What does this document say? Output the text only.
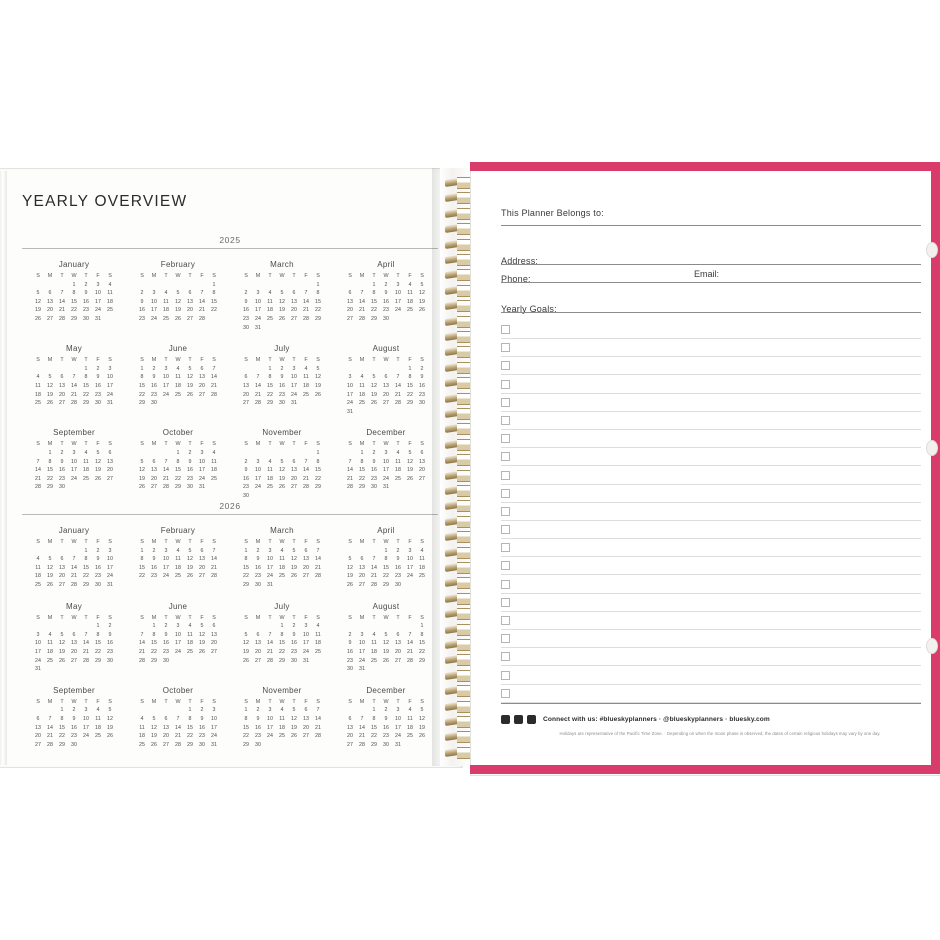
YEARLY OVERVIEW
2025
January
S	M	T	W	T	F	S
			1	2	3	4
5	6	7	8	9	10	11
12	13	14	15	16	17	18
19	20	21	22	23	24	25
26	27	28	29	30	31	
February
S	M	T	W	T	F	S
						1
2	3	4	5	6	7	8
9	10	11	12	13	14	15
16	17	18	19	20	21	22
23	24	25	26	27	28	
March
S	M	T	W	T	F	S
						1
2	3	4	5	6	7	8
9	10	11	12	13	14	15
16	17	18	19	20	21	22
23	24	25	26	27	28	29
30	31					
April
S	M	T	W	T	F	S
		1	2	3	4	5
6	7	8	9	10	11	12
13	14	15	16	17	18	19
20	21	22	23	24	25	26
27	28	29	30			
May
S	M	T	W	T	F	S
				1	2	3
4	5	6	7	8	9	10
11	12	13	14	15	16	17
18	19	20	21	22	23	24
25	26	27	28	29	30	31
June
S	M	T	W	T	F	S
1	2	3	4	5	6	7
8	9	10	11	12	13	14
15	16	17	18	19	20	21
22	23	24	25	26	27	28
29	30					
July
S	M	T	W	T	F	S
		1	2	3	4	5
6	7	8	9	10	11	12
13	14	15	16	17	18	19
20	21	22	23	24	25	26
27	28	29	30	31		
August
S	M	T	W	T	F	S
					1	2
3	4	5	6	7	8	9
10	11	12	13	14	15	16
17	18	19	20	21	22	23
24	25	26	27	28	29	30
31						
September
S	M	T	W	T	F	S
	1	2	3	4	5	6
7	8	9	10	11	12	13
14	15	16	17	18	19	20
21	22	23	24	25	26	27
28	29	30				
October
S	M	T	W	T	F	S
			1	2	3	4
5	6	7	8	9	10	11
12	13	14	15	16	17	18
19	20	21	22	23	24	25
26	27	28	29	30	31	
November
S	M	T	W	T	F	S
						1
2	3	4	5	6	7	8
9	10	11	12	13	14	15
16	17	18	19	20	21	22
23	24	25	26	27	28	29
30						
December
S	M	T	W	T	F	S
	1	2	3	4	5	6
7	8	9	10	11	12	13
14	15	16	17	18	19	20
21	22	23	24	25	26	27
28	29	30	31			
2026
January
S	M	T	W	T	F	S
				1	2	3
4	5	6	7	8	9	10
11	12	13	14	15	16	17
18	19	20	21	22	23	24
25	26	27	28	29	30	31
February
S	M	T	W	T	F	S
1	2	3	4	5	6	7
8	9	10	11	12	13	14
15	16	17	18	19	20	21
22	23	24	25	26	27	28
March
S	M	T	W	T	F	S
1	2	3	4	5	6	7
8	9	10	11	12	13	14
15	16	17	18	19	20	21
22	23	24	25	26	27	28
29	30	31				
April
S	M	T	W	T	F	S
			1	2	3	4
5	6	7	8	9	10	11
12	13	14	15	16	17	18
19	20	21	22	23	24	25
26	27	28	29	30		
May
S	M	T	W	T	F	S
					1	2
3	4	5	6	7	8	9
10	11	12	13	14	15	16
17	18	19	20	21	22	23
24	25	26	27	28	29	30
31						
June
S	M	T	W	T	F	S
	1	2	3	4	5	6
7	8	9	10	11	12	13
14	15	16	17	18	19	20
21	22	23	24	25	26	27
28	29	30				
July
S	M	T	W	T	F	S
			1	2	3	4
5	6	7	8	9	10	11
12	13	14	15	16	17	18
19	20	21	22	23	24	25
26	27	28	29	30	31	
August
S	M	T	W	T	F	S
						1
2	3	4	5	6	7	8
9	10	11	12	13	14	15
16	17	18	19	20	21	22
23	24	25	26	27	28	29
30	31					
September
S	M	T	W	T	F	S
		1	2	3	4	5
6	7	8	9	10	11	12
13	14	15	16	17	18	19
20	21	22	23	24	25	26
27	28	29	30			
October
S	M	T	W	T	F	S
				1	2	3
4	5	6	7	8	9	10
11	12	13	14	15	16	17
18	19	20	21	22	23	24
25	26	27	28	29	30	31
November
S	M	T	W	T	F	S
1	2	3	4	5	6	7
8	9	10	11	12	13	14
15	16	17	18	19	20	21
22	23	24	25	26	27	28
29	30					
December
S	M	T	W	T	F	S
		1	2	3	4	5
6	7	8	9	10	11	12
13	14	15	16	17	18	19
20	21	22	23	24	25	26
27	28	29	30	31		
This Planner Belongs to:
Address:
Phone:	Email:
Yearly Goals:
Connect with us: #blueskyplanners · @blueskyplanners · bluesky.com
Holidays are representative of the Pacific Time Zone. · Depending on when the moon phase is observed, the dates of certain religious holidays may vary by one day.
